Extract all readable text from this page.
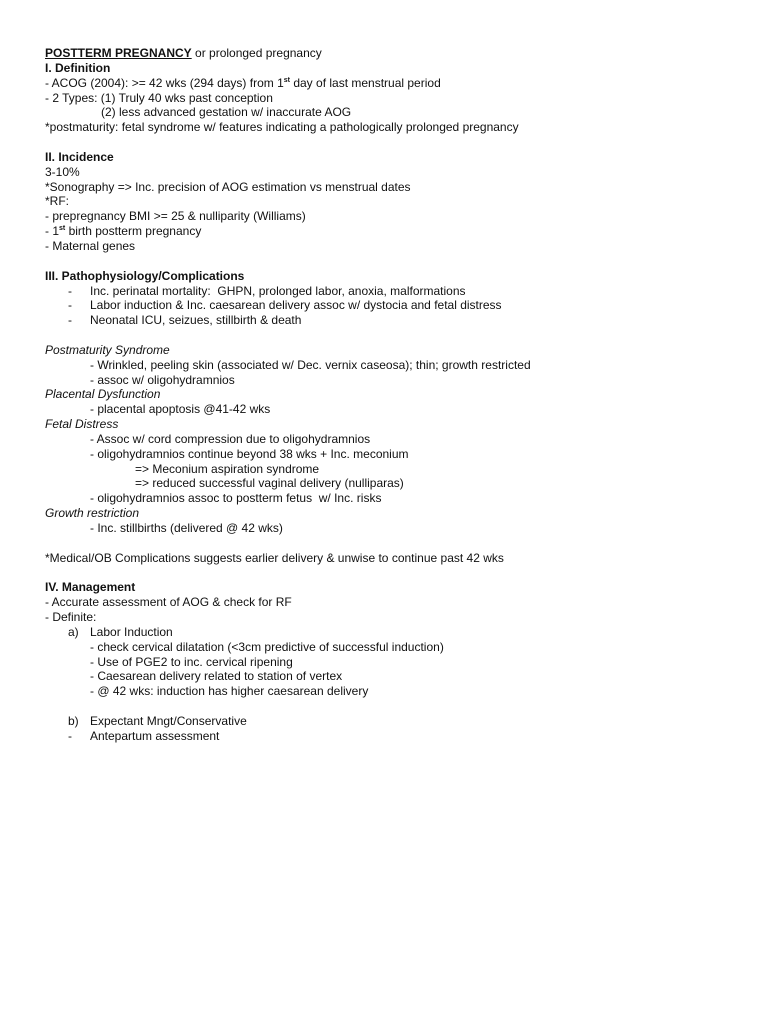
POSTTERM PREGNANCY or prolonged pregnancy
I. Definition
- ACOG (2004): >= 42 wks (294 days) from 1st day of last menstrual period
- 2 Types: (1) Truly 40 wks past conception
(2) less advanced gestation w/ inaccurate AOG
*postmaturity: fetal syndrome w/ features indicating a pathologically prolonged pregnancy
II. Incidence
3-10%
*Sonography => Inc. precision of AOG estimation vs menstrual dates
*RF:
- prepregnancy BMI >= 25 & nulliparity (Williams)
- 1st birth postterm pregnancy
- Maternal genes
III. Pathophysiology/Complications
- Inc. perinatal mortality:  GHPN, prolonged labor, anoxia, malformations
- Labor induction & Inc. caesarean delivery assoc w/ dystocia and fetal distress
- Neonatal ICU, seizues, stillbirth & death
Postmaturity Syndrome
- Wrinkled, peeling skin (associated w/ Dec. vernix caseosa); thin; growth restricted
- assoc w/ oligohydramnios
Placental Dysfunction
- placental apoptosis @41-42 wks
Fetal Distress
- Assoc w/ cord compression due to oligohydramnios
- oligohydramnios continue beyond 38 wks + Inc. meconium
=> Meconium aspiration syndrome
=> reduced successful vaginal delivery (nulliparas)
- oligohydramnios assoc to postterm fetus  w/ Inc. risks
Growth restriction
- Inc. stillbirths (delivered @ 42 wks)
*Medical/OB Complications suggests earlier delivery & unwise to continue past 42 wks
IV. Management
- Accurate assessment of AOG & check for RF
- Definite:
a) Labor Induction
- check cervical dilatation (<3cm predictive of successful induction)
- Use of PGE2 to inc. cervical ripening
- Caesarean delivery related to station of vertex
- @ 42 wks: induction has higher caesarean delivery
b) Expectant Mngt/Conservative
- Antepartum assessment
